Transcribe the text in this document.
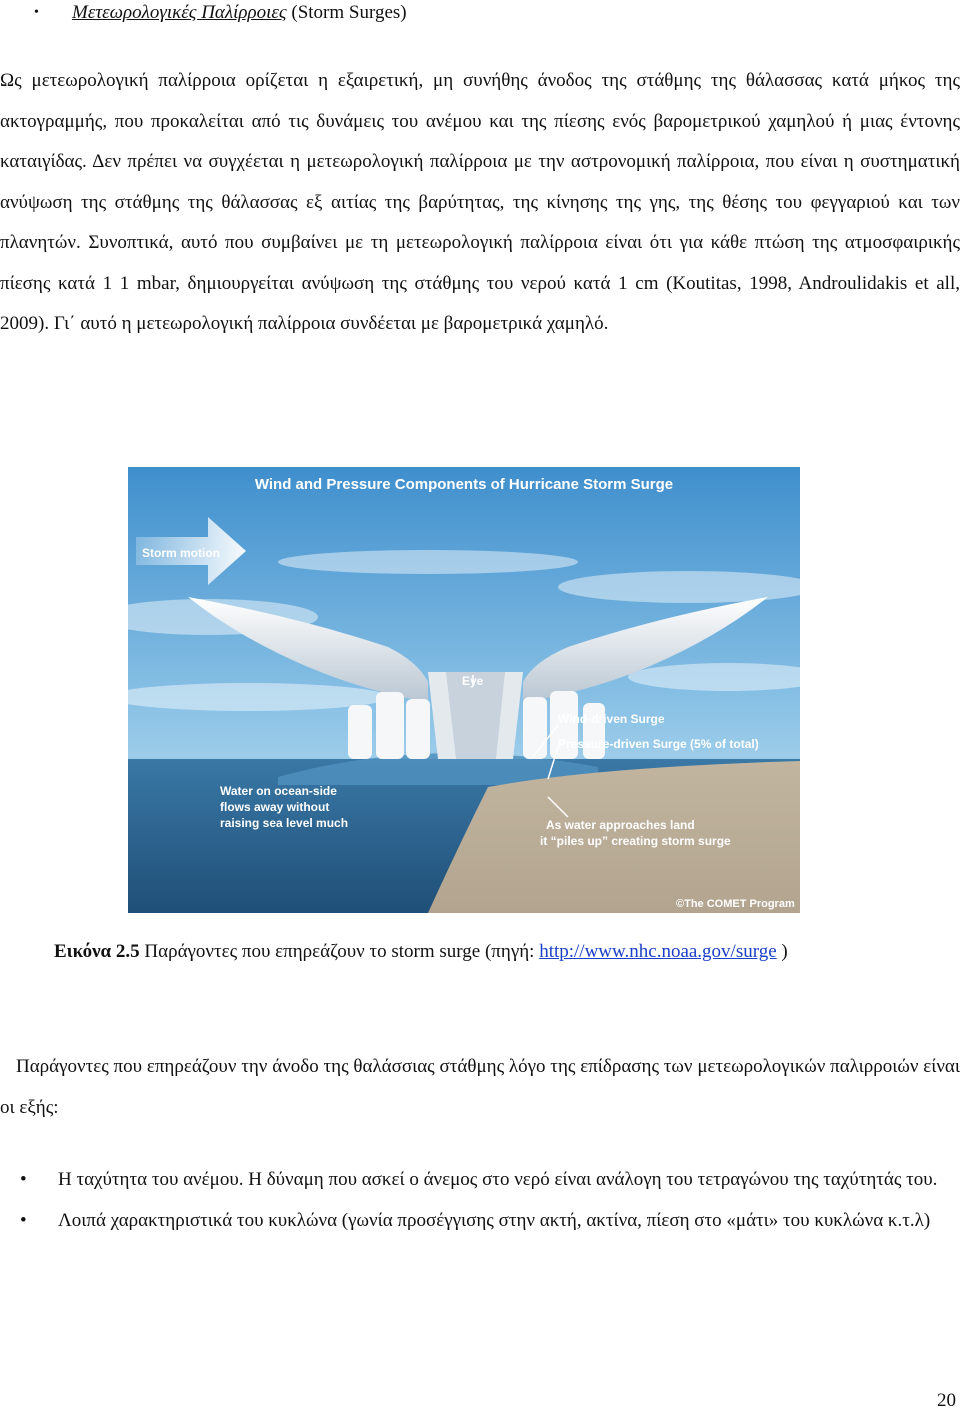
• Μετεωρολογικές Παλίρροιες (Storm Surges)

Ως μετεωρολογική παλίρροια ορίζεται η εξαιρετική, μη συνήθης άνοδος της στάθμης της θάλασσας κατά μήκος της ακτογραμμής, που προκαλείται από τις δυνάμεις του ανέμου και της πίεσης ενός βαρομετρικού χαμηλού ή μιας έντονης καταιγίδας. Δεν πρέπει να συγχέεται η μετεωρολογική παλίρροια με την αστρονομική παλίρροια, που είναι η συστηματική ανύψωση της στάθμης της θάλασσας εξ αιτίας της βαρύτητας, της κίνησης της γης, της θέσης του φεγγαριού και των πλανητών. Συνοπτικά, αυτό που συμβαίνει με τη μετεωρολογική παλίρροια είναι ότι για κάθε πτώση της ατμοσφαιρικής πίεσης κατά 1 1 mbar, δημιουργείται ανύψωση της στάθμης του νερού κατά 1 cm (Koutitas, 1998, Androulidakis et all, 2009). Γι΄ αυτό η μετεωρολογική παλίρροια συνδέεται με βαρομετρικά χαμηλό.

Wind and Pressure Components of Hurricane Storm Surge
Storm motion
Eye
Wind-driven Surge
Pressure-driven Surge (5% of total)
Water on ocean-side
flows away without
raising sea level much	As water approaches land
it “piles up” creating storm surge
©The COMET Program
Εικόνα 2.5 Παράγοντες που επηρεάζουν το storm surge (πηγή: http://www.nhc.noaa.gov/surge )

Παράγοντες που επηρεάζουν την άνοδο της θαλάσσιας στάθμης λόγο της επίδρασης των μετεωρολογικών παλιρροιών είναι οι εξής:

• Η ταχύτητα του ανέμου. Η δύναμη που ασκεί ο άνεμος στο νερό είναι ανάλογη του τετραγώνου της ταχύτητάς του.
• Λοιπά χαρακτηριστικά του κυκλώνα (γωνία προσέγγισης στην ακτή, ακτίνα, πίεση στο «μάτι» του κυκλώνα κ.τ.λ)
20
